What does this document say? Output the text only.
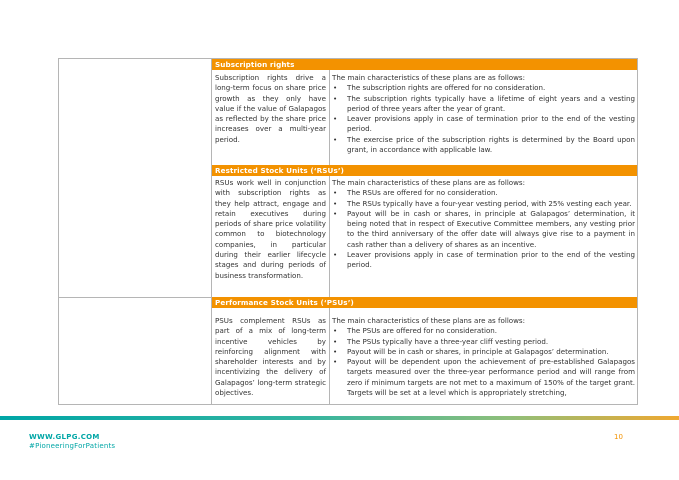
Subscription rights
Subscription rights drive a long-term focus on share price growth as they only have value if the value of Galapagos as reflected by the share price increases over a multi-year period.
The main characteristics of these plans are as follows:
• The subscription rights are offered for no consideration.
• The subscription rights typically have a lifetime of eight years and a vesting period of three years after the year of grant.
• Leaver provisions apply in case of termination prior to the end of the vesting period.
• The exercise price of the subscription rights is determined by the Board upon grant, in accordance with applicable law.
Restricted Stock Units (‘RSUs’)
RSUs work well in conjunction with subscription rights as they help attract, engage and retain executives during periods of share price volatility common to biotechnology companies, in particular during their earlier lifecycle stages and during periods of business transformation.
The main characteristics of these plans are as follows:
• The RSUs are offered for no consideration.
• The RSUs typically have a four-year vesting period, with 25% vesting each year.
• Payout will be in cash or shares, in principle at Galapagos’ determination, it being noted that in respect of Executive Committee members, any vesting prior to the third anniversary of the offer date will always give rise to a payment in cash rather than a delivery of shares as an incentive.
• Leaver provisions apply in case of termination prior to the end of the vesting period.
Performance Stock Units (‘PSUs’)
PSUs complement RSUs as part of a mix of long-term incentive vehicles by reinforcing alignment with shareholder interests and by incentivizing the delivery of Galapagos’ long-term strategic objectives.
The main characteristics of these plans are as follows:
• The PSUs are offered for no consideration.
• The PSUs typically have a three-year cliff vesting period.
• Payout will be in cash or shares, in principle at Galapagos’ determination.
• Payout will be dependent upon the achievement of pre-established Galapagos targets measured over the three-year performance period and will range from zero if minimum targets are not met to a maximum of 150% of the target grant. Targets will be set at a level which is appropriately stretching,
WWW.GLPG.COM
#PioneeringForPatients
10
